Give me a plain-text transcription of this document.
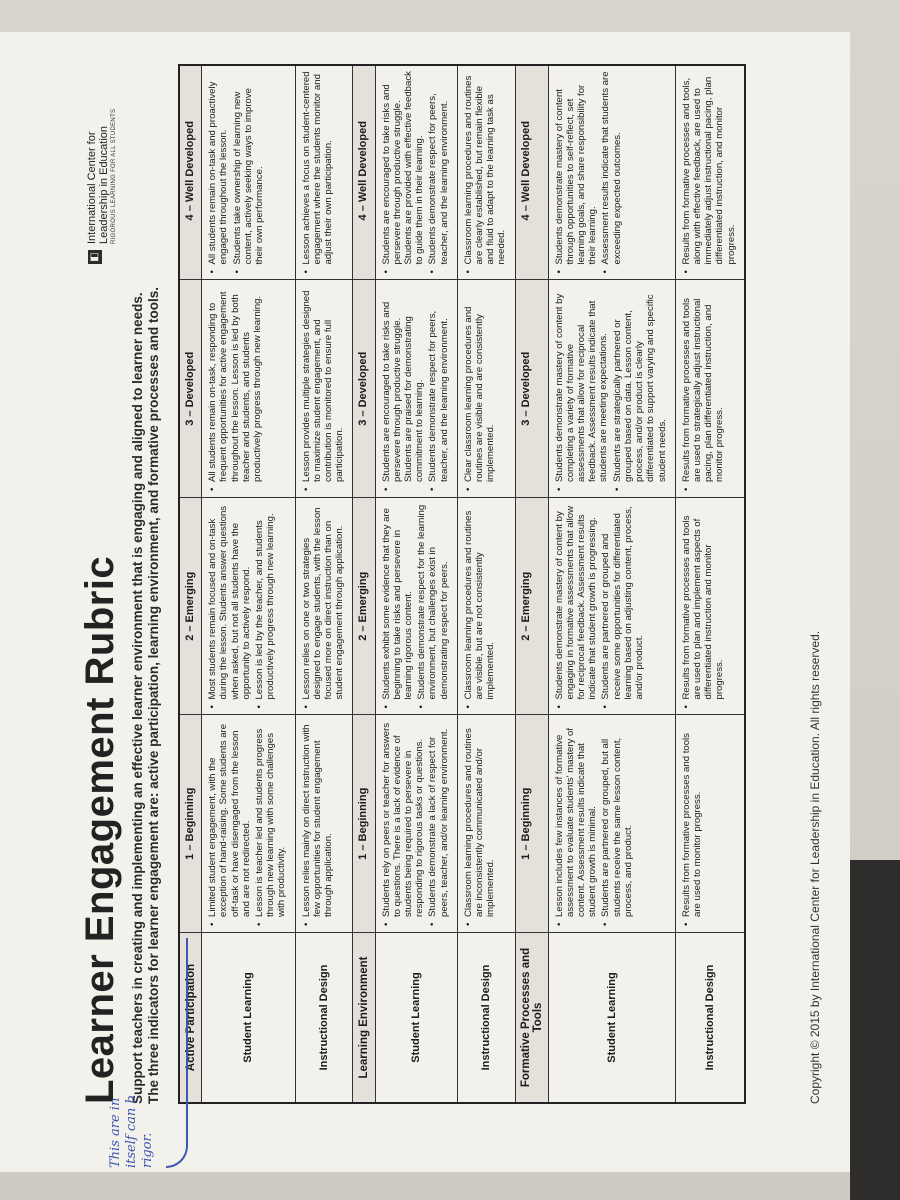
Learner Engagement Rubric Support teachers in creating and implementing an effective learner environment that is engaging and aligned to learner needs. The three indicators for learner engagement are: active participation, learning environment, and formative processes and tools.
◧
International Center for Leadership in Education RIGOROUS LEARNING FOR ALL STUDENTS
Active Participation
1 – Beginning
2 – Emerging
3 – Developed
4 – Well Developed
Student Learning
• Limited student engagement, with the exception of hand-raising. Some students are off-task or have disengaged from the lesson and are not redirected. • Lesson is teacher led and students progress through new learning with some challenges with productivity.
• Most students remain focused and on-task during the lesson. Students answer questions when asked, but not all students have the opportunity to actively respond. • Lesson is led by the teacher, and students productively progress through new learning.
• All students remain on-task, responding to frequent opportunities for active engagement throughout the lesson. Lesson is led by both teacher and students, and students productively progress through new learning.
• All students remain on-task and proactively engaged throughout the lesson. • Students take ownership of learning new content, actively seeking ways to improve their own performance.
Instructional Design
• Lesson relies mainly on direct instruction with few opportunities for student engagement through application.
• Lesson relies on one or two strategies designed to engage students, with the lesson focused more on direct instruction than on student engagement through application.
• Lesson provides multiple strategies designed to maximize student engagement, and contribution is monitored to ensure full participation.
• Lesson achieves a focus on student-centered engagement where the students monitor and adjust their own participation.
Learning Environment
1 – Beginning
2 – Emerging
3 – Developed
4 – Well Developed
Student Learning
• Students rely on peers or teacher for answers to questions. There is a lack of evidence of students being required to persevere in responding to rigorous tasks or questions. • Students demonstrate a lack of respect for peers, teacher, and/or learning environment.
• Students exhibit some evidence that they are beginning to take risks and persevere in learning rigorous content. • Students demonstrate respect for the learning environment, but challenges exist in demonstrating respect for peers.
• Students are encouraged to take risks and persevere through productive struggle. Students are praised for demonstrating commitment to learning. • Students demonstrate respect for peers, teacher, and the learning environment.
• Students are encouraged to take risks and persevere through productive struggle. Students are provided with effective feedback to guide them in their learning. • Students demonstrate respect for peers, teacher, and the learning environment.
Instructional Design
• Classroom learning procedures and routines are inconsistently communicated and/or implemented.
• Classroom learning procedures and routines are visible, but are not consistently implemented.
• Clear classroom learning procedures and routines are visible and are consistently implemented.
• Classroom learning procedures and routines are clearly established, but remain flexible and fluid to adapt to the learning task as needed.
Formative Processes and Tools
1 – Beginning
2 – Emerging
3 – Developed
4 – Well Developed
Student Learning
• Lesson includes few instances of formative assessment to evaluate students' mastery of content. Assessment results indicate that student growth is minimal. • Students are partnered or grouped, but all students receive the same lesson content, process, and product.
• Students demonstrate mastery of content by engaging in formative assessments that allow for reciprocal feedback. Assessment results indicate that student growth is progressing. • Students are partnered or grouped and receive some opportunities for differentiated learning based on adjusting content, process, and/or product.
• Students demonstrate mastery of content by completing a variety of formative assessments that allow for reciprocal feedback. Assessment results indicate that students are meeting expectations. • Students are strategically partnered or grouped based on data. Lesson content, process, and/or product is clearly differentiated to support varying and specific student needs.
• Students demonstrate mastery of content through opportunities to self-reflect, set learning goals, and share responsibility for their learning. • Assessment results indicate that students are exceeding expected outcomes.
Instructional Design
• Results from formative processes and tools are used to monitor progress.
• Results from formative processes and tools are used to plan and implement aspects of differentiated instruction and monitor progress.
• Results from formative processes and tools are used to strategically adjust instructional pacing, plan differentiated instruction, and monitor progress.
• Results from formative processes and tools, along with effective feedback, are used to immediately adjust instructional pacing, plan differentiated instruction, and monitor progress.
Copyright © 2015 by International Center for Leadership in Education. All rights reserved.
This are in itself can b rigor.
